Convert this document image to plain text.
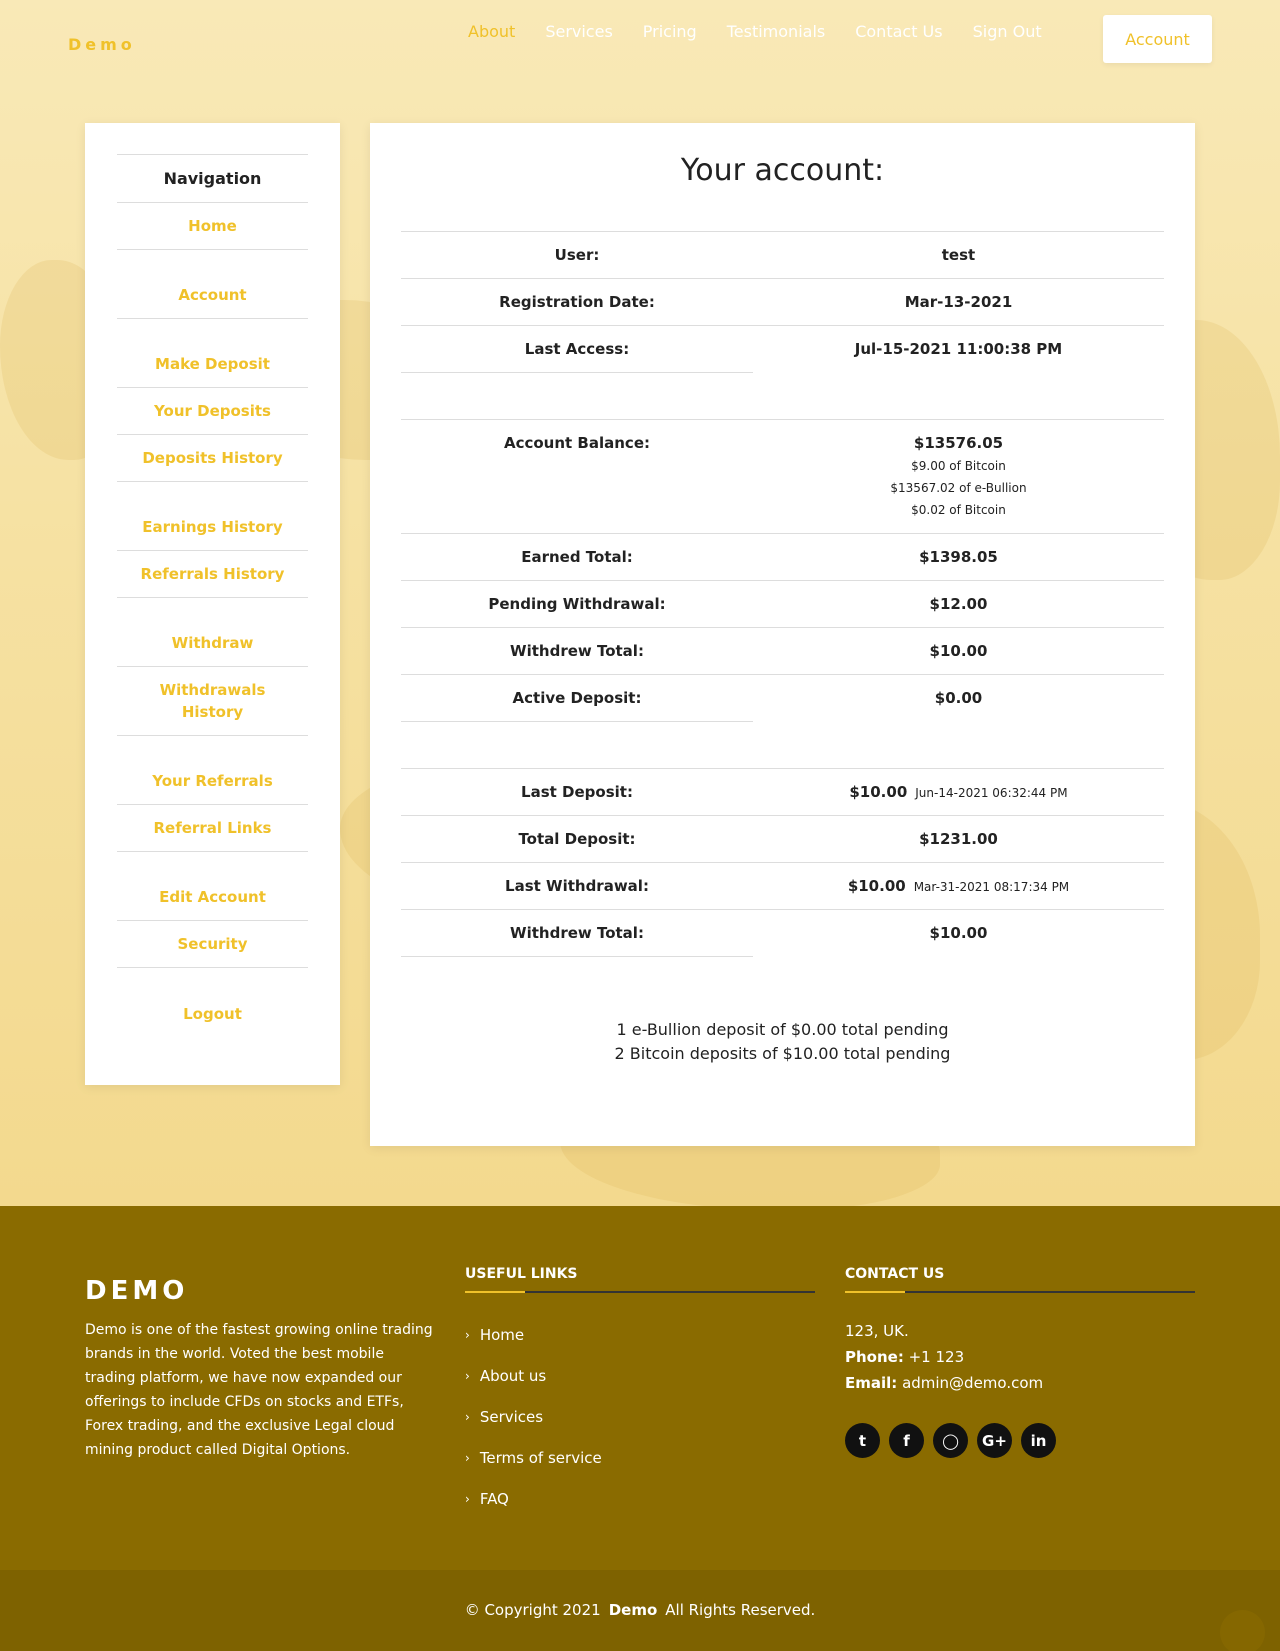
Demo
About Services Pricing Testimonials Contact Us Sign Out	Account
Navigation
Home
Account
Make Deposit
Your Deposits
Deposits History
Earnings History
Referrals History
Withdraw
Withdrawals History
Your Referrals
Referral Links
Edit Account
Security
Logout
Your account:
User:	test
Registration Date:	Mar-13-2021
Last Access:	Jul-15-2021 11:00:38 PM
Account Balance:	$13576.05
$9.00 of Bitcoin
$13567.02 of e-Bullion
$0.02 of Bitcoin
Earned Total:	$1398.05
Pending Withdrawal:	$12.00
Withdrew Total:	$10.00
Active Deposit:	$0.00
Last Deposit:	$10.00 Jun-14-2021 06:32:44 PM
Total Deposit:	$1231.00
Last Withdrawal:	$10.00 Mar-31-2021 08:17:34 PM
Withdrew Total:	$10.00
1 e-Bullion deposit of $0.00 total pending
2 Bitcoin deposits of $10.00 total pending
DEMO

Demo is one of the fastest growing online trading brands in the world. Voted the best mobile trading platform, we have now expanded our offerings to include CFDs on stocks and ETFs, Forex trading, and the exclusive Legal cloud mining product called Digital Options.

USEFUL LINKS
› Home
› About us
› Services
› Terms of service
› FAQ
CONTACT US
123, UK.
Phone: +1 123
Email: admin@demo.com
t	f	◯	G+	in
© Copyright 2021 Demo All Rights Reserved.
